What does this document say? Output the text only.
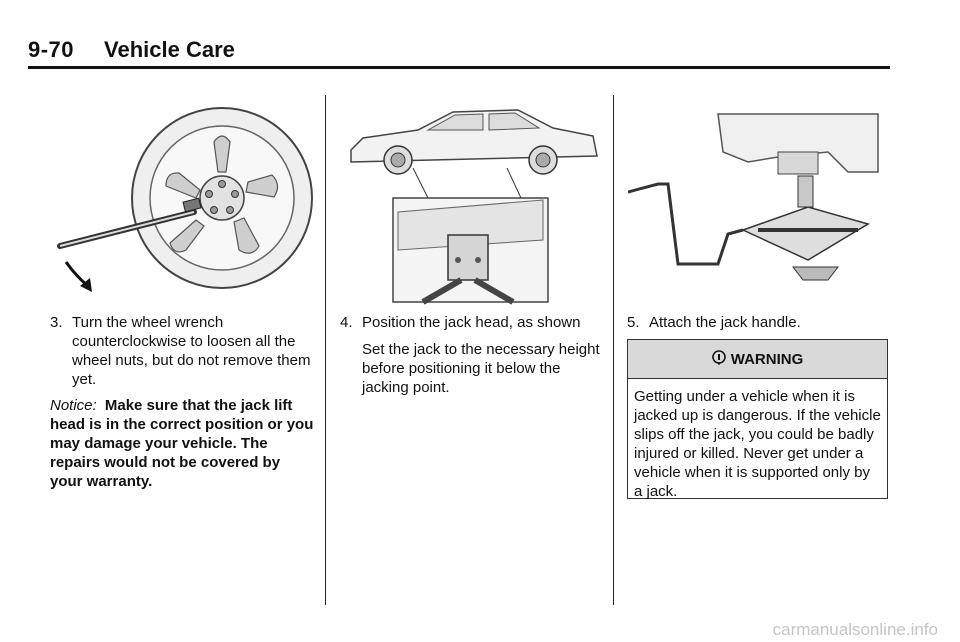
9-70 Vehicle Care

3. Turn the wheel wrench counterclockwise to loosen all the wheel nuts, but do not remove them yet.

Notice: Make sure that the jack lift head is in the correct position or you may damage your vehicle. The repairs would not be covered by your warranty.

4. Position the jack head, as shown

Set the jack to the necessary height before positioning it below the jacking point.

5. Attach the jack handle.

WARNING
Getting under a vehicle when it is jacked up is dangerous. If the vehicle slips off the jack, you could be badly injured or killed. Never get under a vehicle when it is supported only by a jack.
carmanualsonline.info
